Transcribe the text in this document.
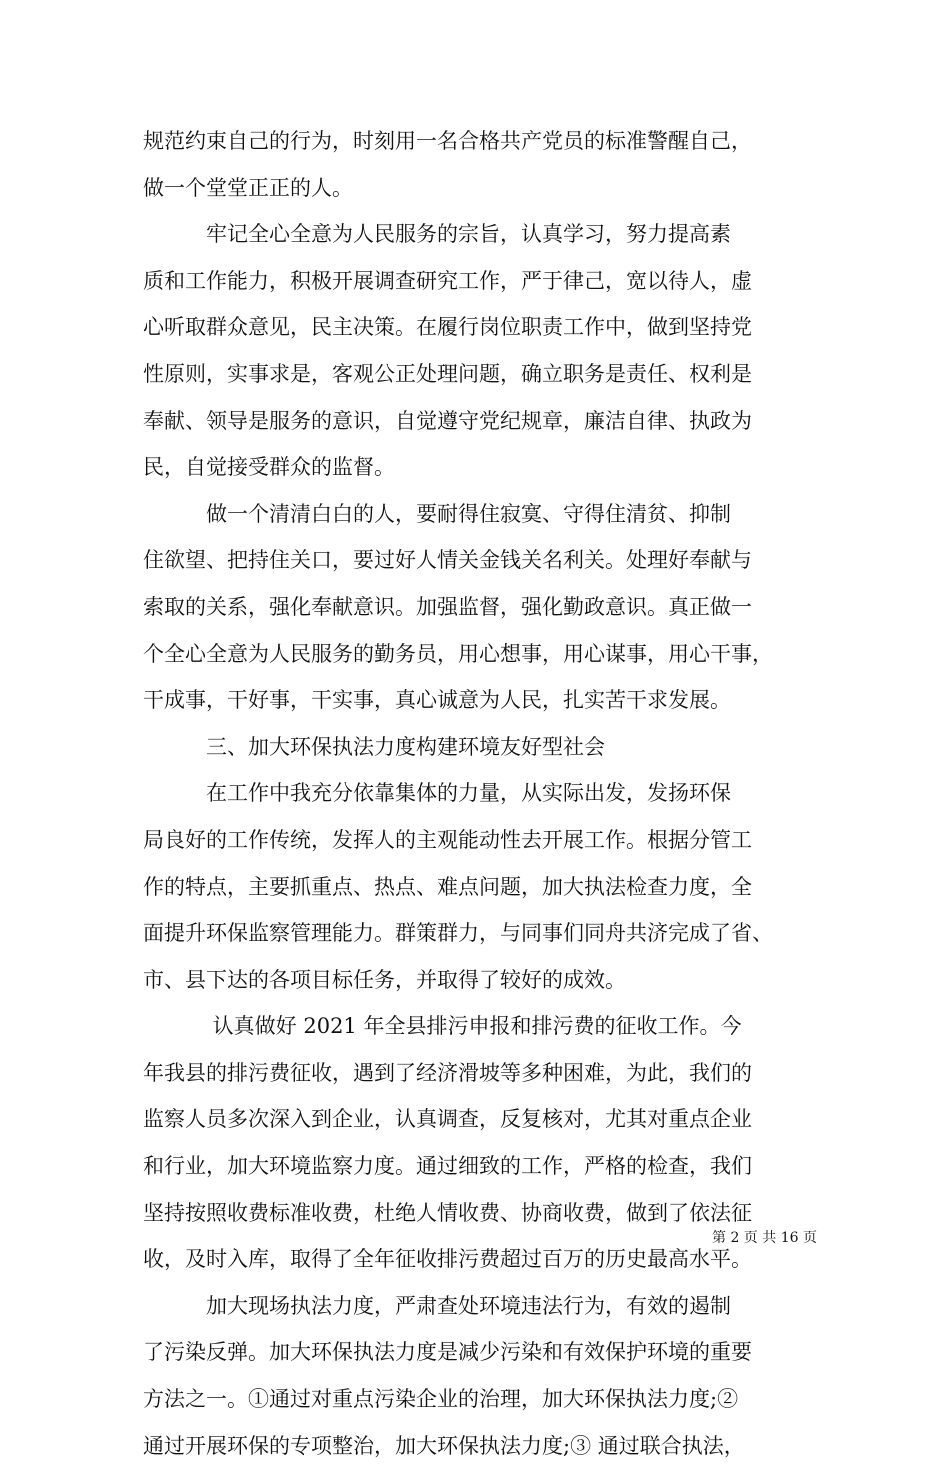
规范约束自己的行为，时刻用一名合格共产党员的标准警醒自己，
做一个堂堂正正的人。
　　　牢记全心全意为人民服务的宗旨，认真学习，努力提高素
质和工作能力，积极开展调查研究工作，严于律己，宽以待人，虚
心听取群众意见，民主决策。在履行岗位职责工作中，做到坚持党
性原则，实事求是，客观公正处理问题，确立职务是责任、权利是
奉献、领导是服务的意识，自觉遵守党纪规章，廉洁自律、执政为
民，自觉接受群众的监督。
　　　做一个清清白白的人，要耐得住寂寞、守得住清贫、抑制
住欲望、把持住关口，要过好人情关金钱关名利关。处理好奉献与
索取的关系，强化奉献意识。加强监督，强化勤政意识。真正做一
个全心全意为人民服务的勤务员，用心想事，用心谋事，用心干事，
干成事，干好事，干实事，真心诚意为人民，扎实苦干求发展。
　　　三、加大环保执法力度构建环境友好型社会
　　　在工作中我充分依靠集体的力量，从实际出发，发扬环保
局良好的工作传统，发挥人的主观能动性去开展工作。根据分管工
作的特点，主要抓重点、热点、难点问题，加大执法检查力度，全
面提升环保监察管理能力。群策群力，与同事们同舟共济完成了省、
市、县下达的各项目标任务，并取得了较好的成效。
　　　 认真做好 2021 年全县排污申报和排污费的征收工作。今
年我县的排污费征收，遇到了经济滑坡等多种困难，为此，我们的
监察人员多次深入到企业，认真调查，反复核对，尤其对重点企业
和行业，加大环境监察力度。通过细致的工作，严格的检查，我们
坚持按照收费标准收费，杜绝人情收费、协商收费，做到了依法征
收，及时入库，取得了全年征收排污费超过百万的历史最高水平。
　　　加大现场执法力度，严肃查处环境违法行为，有效的遏制
了污染反弹。加大环保执法力度是减少污染和有效保护环境的重要
方法之一。①通过对重点污染企业的治理，加大环保执法力度;②
通过开展环保的专项整治，加大环保执法力度;③ 通过联合执法，
第 2 页 共 16 页
